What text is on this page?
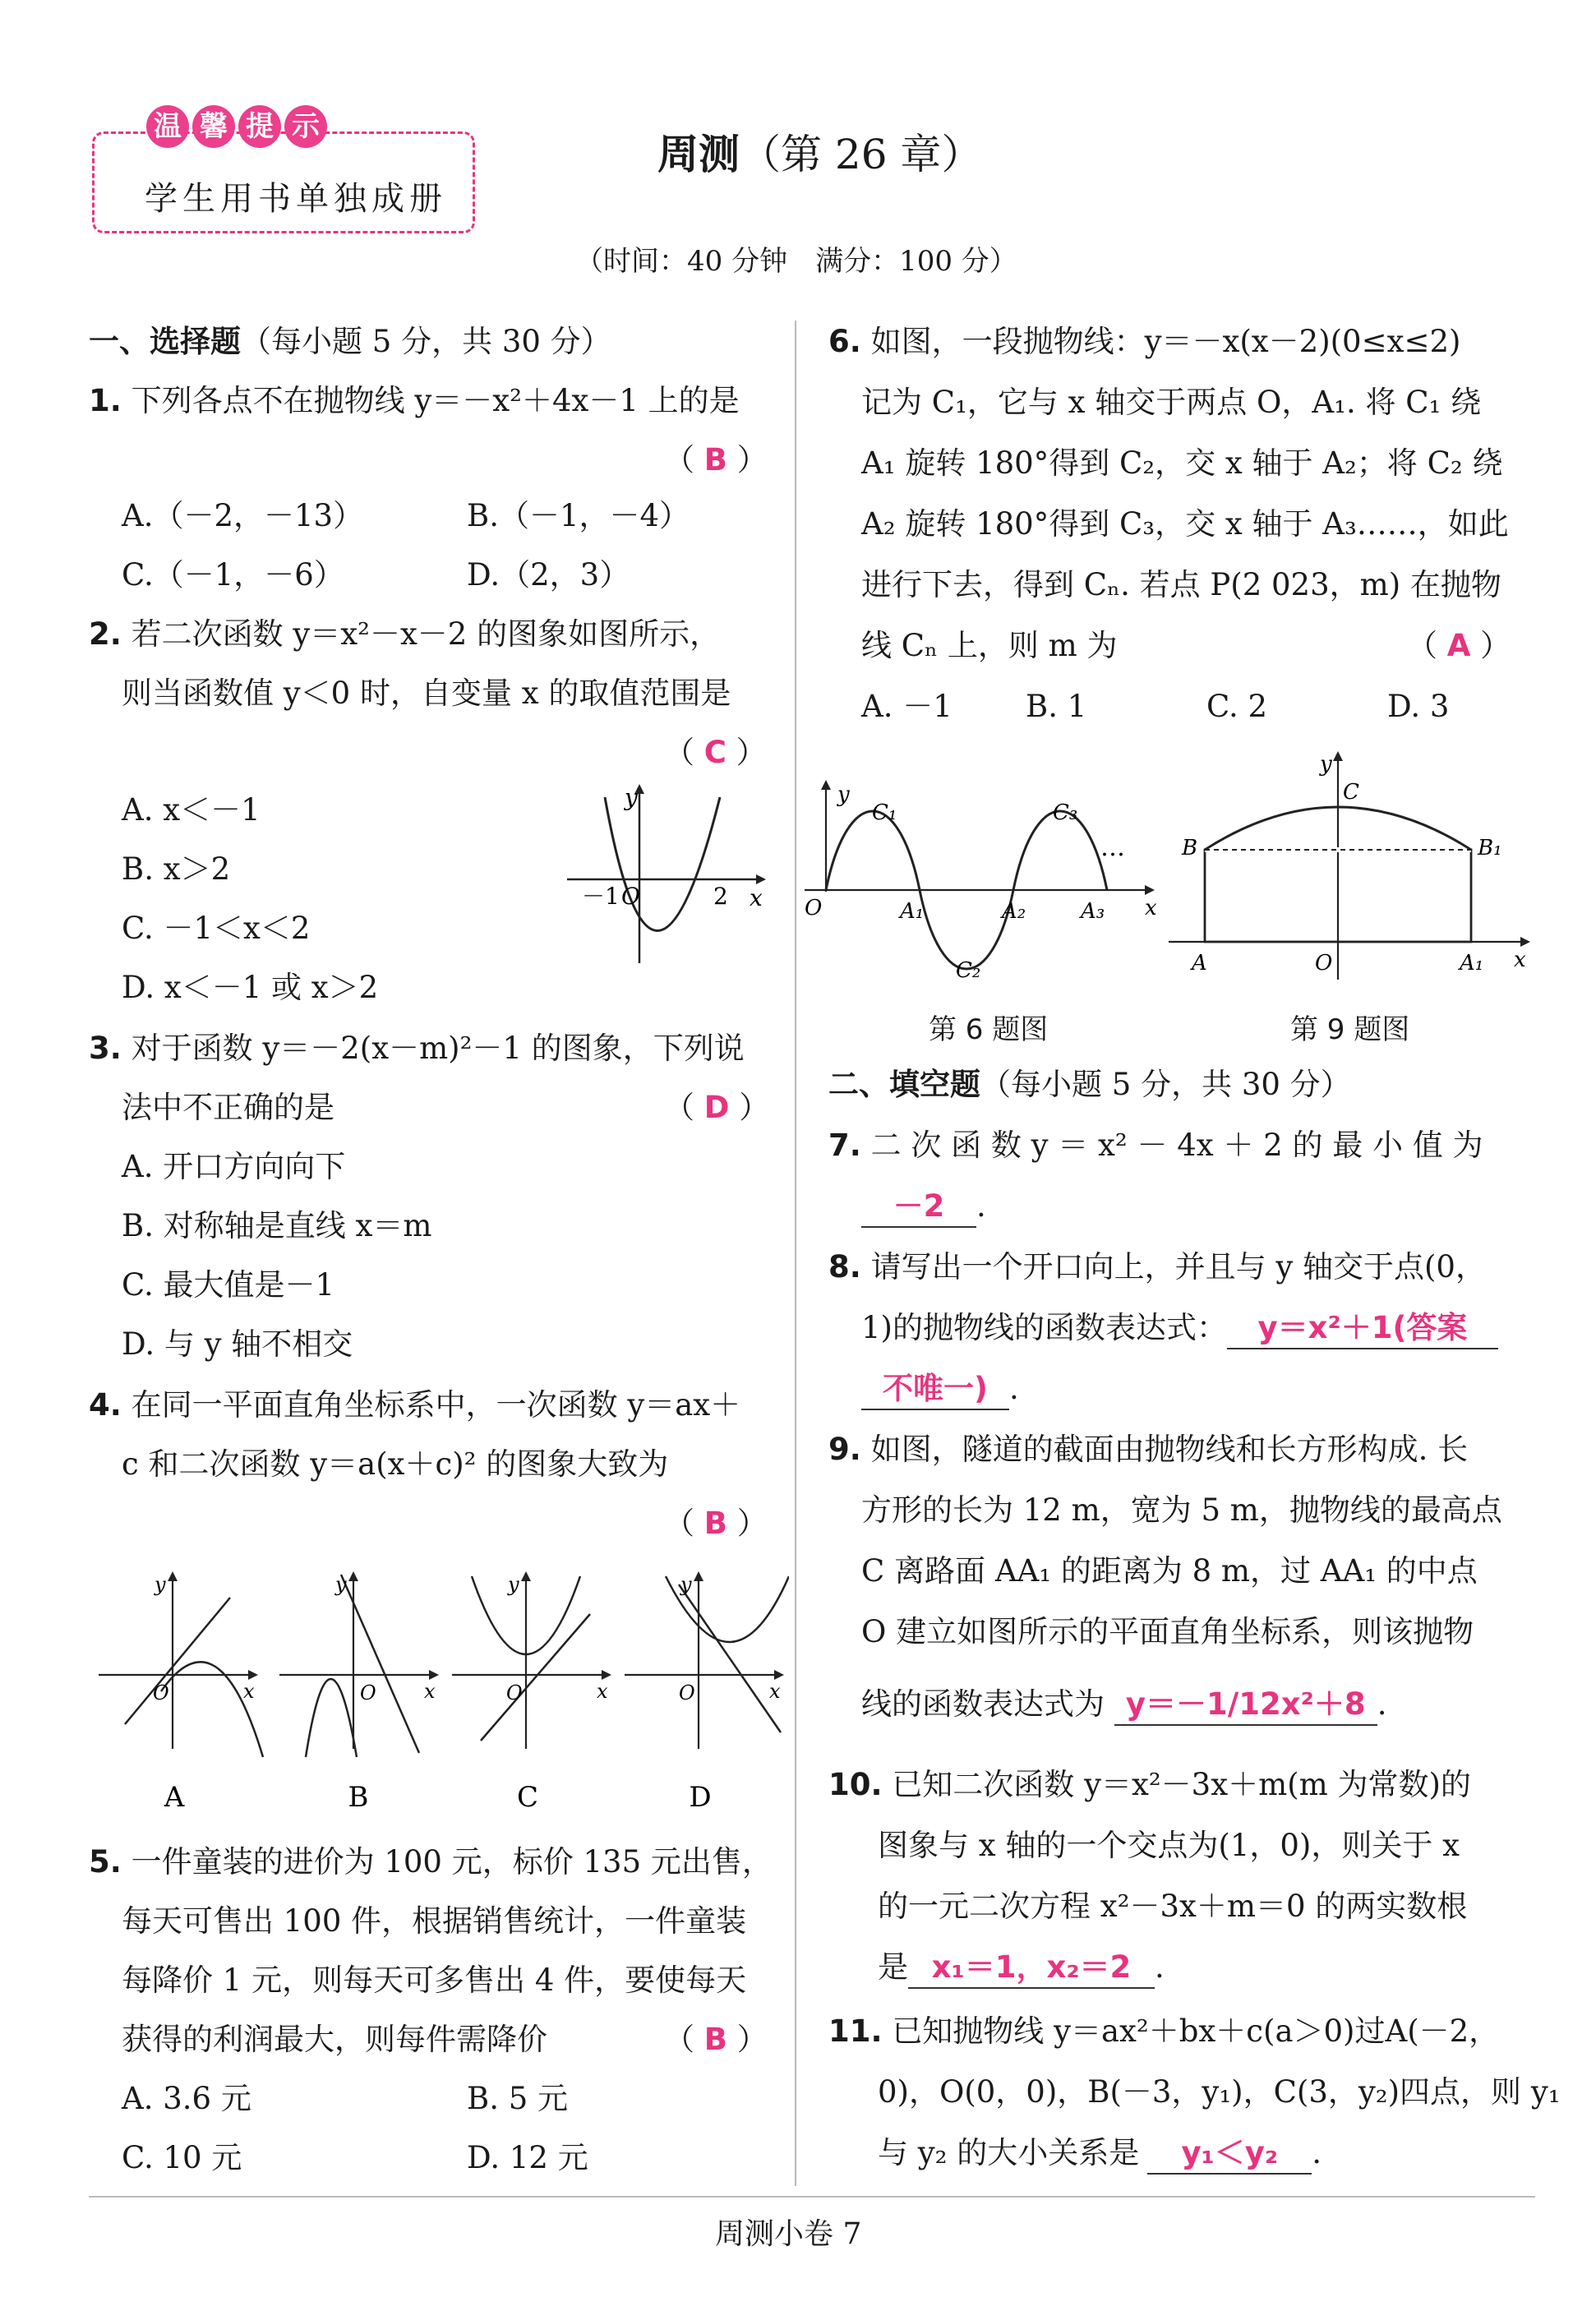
温 馨 提 示
学生用书单独成册
周测（第 26 章）
（时间：40 分钟　满分：100 分）
一、选择题（每小题 5 分，共 30 分）
1. 下列各点不在抛物线 y＝－x²＋4x－1 上的是
（ B ）
A.（－2，－13）	B.（－1，－4）
C.（－1，－6）	D.（2，3）
2. 若二次函数 y＝x²－x－2 的图象如图所示，
则当函数值 y＜0 时，自变量 x 的取值范围是
（ C ）
A. x＜－1
B. x＞2
C. －1＜x＜2
D. x＜－1 或 x＞2
y
x
O
－1	2
3. 对于函数 y＝－2(x－m)²－1 的图象，下列说
法中不正确的是	（ D ）
A. 开口方向向下
B. 对称轴是直线 x＝m
C. 最大值是－1
D. 与 y 轴不相交
4. 在同一平面直角坐标系中，一次函数 y＝ax＋
c 和二次函数 y＝a(x＋c)² 的图象大致为
（ B ）
y
x
O
y
x
O
y
x
O
y
x
O
A	B	C	D
5. 一件童装的进价为 100 元，标价 135 元出售，
每天可售出 100 件，根据销售统计，一件童装
每降价 1 元，则每天可多售出 4 件，要使每天
获得的利润最大，则每件需降价	（ B ）
A. 3.6 元	B. 5 元
C. 10 元	D. 12 元
6. 如图，一段抛物线：y＝－x(x－2)(0≤x≤2)
记为 C₁，它与 x 轴交于两点 O，A₁. 将 C₁ 绕
A₁ 旋转 180°得到 C₂，交 x 轴于 A₂；将 C₂ 绕
A₂ 旋转 180°得到 C₃，交 x 轴于 A₃……，如此
进行下去，得到 Cₙ. 若点 P(2 023，m) 在抛物
线 Cₙ 上，则 m 为	（ A ）
A. －1 B. 1	C. 2	D. 3
y
x
O
C₁	C₃
C₂
A₁	A₂	A₃
…
第 6 题图
y
C
B	B₁
A	O	A₁ x
第 9 题图
二、填空题（每小题 5 分，共 30 分）
7. 二 次 函 数 y ＝ x² － 4x ＋ 2 的 最 小 值 为
－2 .
8. 请写出一个开口向上，并且与 y 轴交于点(0，
1)的抛物线的函数表达式： y＝x²＋1(答案
不唯一) .
9. 如图，隧道的截面由抛物线和长方形构成. 长
方形的长为 12 m，宽为 5 m，抛物线的最高点
C 离路面 AA₁ 的距离为 8 m，过 AA₁ 的中点
O 建立如图所示的平面直角坐标系，则该抛物
线的函数表达式为 y＝－1/12x²＋8 .
10. 已知二次函数 y＝x²－3x＋m(m 为常数)的
图象与 x 轴的一个交点为(1，0)，则关于 x
的一元二次方程 x²－3x＋m＝0 的两实数根
是 x₁＝1，x₂＝2 .
11. 已知抛物线 y＝ax²＋bx＋c(a＞0)过A(－2，
0)，O(0，0)，B(－3，y₁)，C(3，y₂)四点，则 y₁
与 y₂ 的大小关系是 y₁＜y₂ .
周测小卷 7
